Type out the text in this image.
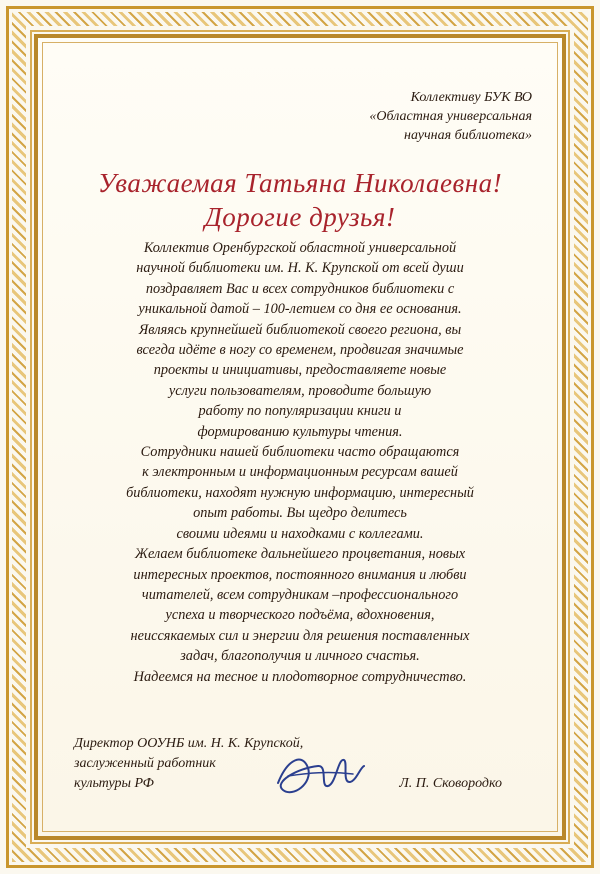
Коллективу БУК ВО
«Областная универсальная
научная библиотека»
Уважаемая Татьяна Николаевна!
Дорогие друзья!

Коллектив Оренбургской областной универсальной

научной библиотеки им. Н. К. Крупской от всей души

поздравляет Вас и всех сотрудников библиотеки с

уникальной датой – 100-летием со дня ее основания.

Являясь крупнейшей библиотекой своего региона, вы

всегда идёте в ногу со временем, продвигая значимые

проекты и инициативы, предоставляете новые

услуги пользователям, проводите большую

работу по популяризации книги и

формированию культуры чтения.

Сотрудники нашей библиотеки часто обращаются

к электронным и информационным ресурсам вашей

библиотеки, находят нужную информацию, интересный

опыт работы. Вы щедро делитесь

своими идеями и находками с коллегами.

Желаем библиотеке дальнейшего процветания, новых

интересных проектов, постоянного внимания и любви

читателей, всем сотрудникам –профессионального

успеха и творческого подъёма, вдохновения,

неиссякаемых сил и энергии для решения поставленных

задач, благополучия и личного счастья.

Надеемся на тесное и плодотворное сотрудничество.

Директор ООУНБ им. Н. К. Крупской,
заслуженный работник
культуры РФ	Л. П. Сковородко
